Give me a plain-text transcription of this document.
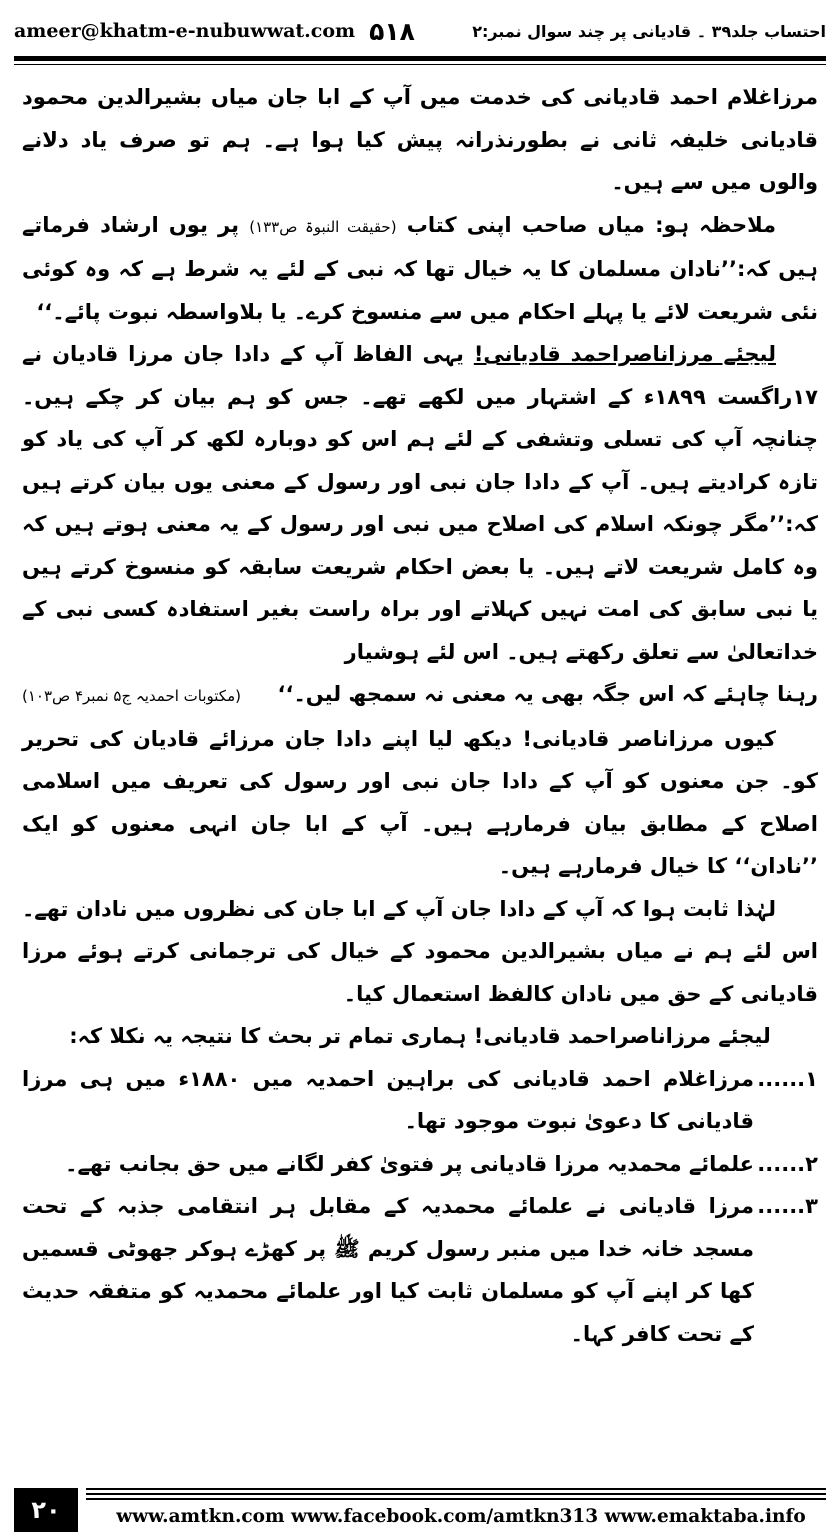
ameer@khatm-e-nubuwwat.com ۵۱۸	احتساب جلد۳۹ ۔ قادیانی پر چند سوال نمبر:۲

مرزاغلام احمد قادیانی کی خدمت میں آپ کے ابا جان میاں بشیرالدین محمود قادیانی خلیفہ ثانی نے بطورنذرانہ پیش کیا ہوا ہے۔ ہم تو صرف یاد دلانے والوں میں سے ہیں۔

ملاحظہ ہو: میاں صاحب اپنی کتاب (حقیقت النبوۃ ص۱۳۳) پر یوں ارشاد فرماتے ہیں کہ:’’نادان مسلمان کا یہ خیال تھا کہ نبی کے لئے یہ شرط ہے کہ وہ کوئی نئی شریعت لائے یا پہلے احکام میں سے منسوخ کرے۔ یا بلاواسطہ نبوت پائے۔‘‘

لیجئے مرزاناصراحمد قادیانی! یہی الفاظ آپ کے دادا جان مرزا قادیان نے ۱۷راگست ۱۸۹۹ء کے اشتہار میں لکھے تھے۔ جس کو ہم بیان کر چکے ہیں۔ چنانچہ آپ کی تسلی وتشفی کے لئے ہم اس کو دوبارہ لکھ کر آپ کی یاد کو تازہ کرادیتے ہیں۔ آپ کے دادا جان نبی اور رسول کے معنی یوں بیان کرتے ہیں کہ:’’مگر چونکہ اسلام کی اصلاح میں نبی اور رسول کے یہ معنی ہوتے ہیں کہ وہ کامل شریعت لاتے ہیں۔ یا بعض احکام شریعت سابقہ کو منسوخ کرتے ہیں یا نبی سابق کی امت نہیں کہلاتے اور براہ راست بغیر استفادہ کسی نبی کے خداتعالیٰ سے تعلق رکھتے ہیں۔ اس لئے ہوشیار

رہنا چاہئے کہ اس جگہ بھی یہ معنی نہ سمجھ لیں۔‘‘
(مکتوبات احمدیہ ج۵ نمبر۴ ص۱۰۳)

کیوں مرزاناصر قادیانی! دیکھ لیا اپنے دادا جان مرزائے قادیان کی تحریر کو۔ جن معنوں کو آپ کے دادا جان نبی اور رسول کی تعریف میں اسلامی اصلاح کے مطابق بیان فرمارہے ہیں۔ آپ کے ابا جان انہی معنوں کو ایک ’’نادان‘‘ کا خیال فرمارہے ہیں۔

لہٰذا ثابت ہوا کہ آپ کے دادا جان آپ کے ابا جان کی نظروں میں نادان تھے۔ اس لئے ہم نے میاں بشیرالدین محمود کے خیال کی ترجمانی کرتے ہوئے مرزا قادیانی کے حق میں نادان کالفظ استعمال کیا۔

لیجئے مرزاناصراحمد قادیانی! ہماری تمام تر بحث کا نتیجہ یہ نکلا کہ:

۱......
مرزاغلام احمد قادیانی کی براہین احمدیہ میں ۱۸۸۰ء میں ہی مرزا قادیانی کا دعویٰ نبوت موجود تھا۔
۲......
علمائے محمدیہ مرزا قادیانی پر فتویٰ کفر لگانے میں حق بجانب تھے۔
۳......
مرزا قادیانی نے علمائے محمدیہ کے مقابل ہر انتقامی جذبہ کے تحت مسجد خانہ خدا میں منبر رسول کریم ﷺ پر کھڑے ہوکر جھوٹی قسمیں کھا کر اپنے آپ کو مسلمان ثابت کیا اور علمائے محمدیہ کو متفقہ حدیث کے تحت کافر کہا۔
۲۰	www.amtkn.com www.facebook.com/amtkn313 www.emaktaba.info
